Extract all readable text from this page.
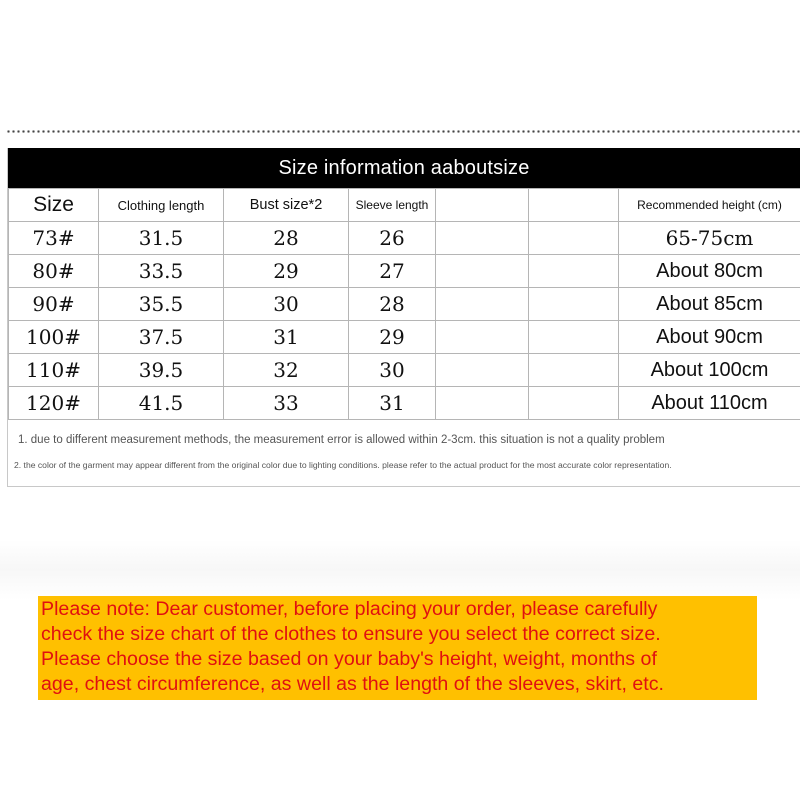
Size information aaboutsize
Size	Clothing length	Bust size*2	Sleeve length			Recommended height (cm)
73#	31.5	28	26			65-75cm
80#	33.5	29	27			About 80cm
90#	35.5	30	28			About 85cm
100#	37.5	31	29			About 90cm
110#	39.5	32	30			About 100cm
120#	41.5	33	31			About 110cm
1. due to different measurement methods, the measurement error is allowed within 2-3cm. this situation is not a quality problem
2. the color of the garment may appear different from the original color due to lighting conditions. please refer to the actual product for the most accurate color representation.
Please note: Dear customer, before placing your order, please carefully
check the size chart of the clothes to ensure you select the correct size.
Please choose the size based on your baby's height, weight, months of
age, chest circumference, as well as the length of the sleeves, skirt, etc.
